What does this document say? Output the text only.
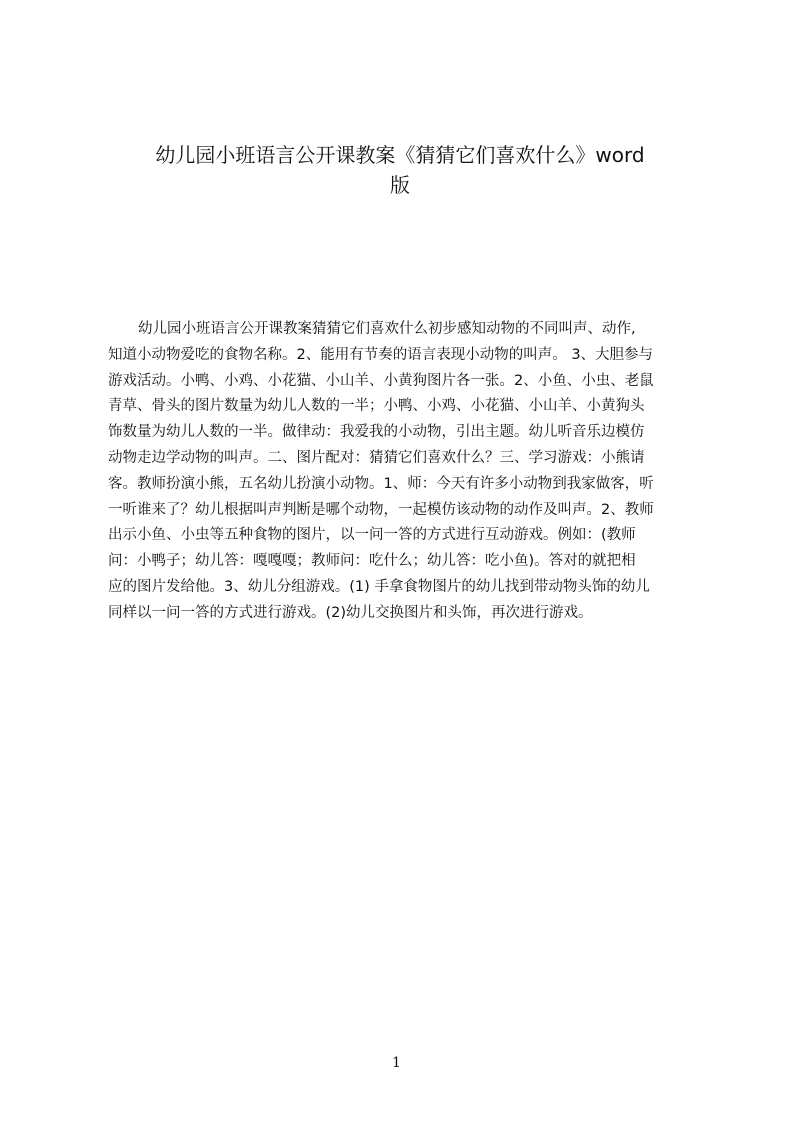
幼儿园小班语言公开课教案《猜猜它们喜欢什么》word
版
幼儿园小班语言公开课教案猜猜它们喜欢什么初步感知动物的不同叫声、动作,
知道小动物爱吃的食物名称。2、能用有节奏的语言表现小动物的叫声。 3、大胆参与
游戏活动。小鸭、小鸡、小花猫、小山羊、小黄狗图片各一张。2、小鱼、小虫、老鼠
青草、骨头的图片数量为幼儿人数的一半；小鸭、小鸡、小花猫、小山羊、小黄狗头
饰数量为幼儿人数的一半。做律动：我爱我的小动物，引出主题。幼儿听音乐边模仿
动物走边学动物的叫声。二、图片配对：猜猜它们喜欢什么？三、学习游戏：小熊请
客。教师扮演小熊，五名幼儿扮演小动物。1、师：今天有许多小动物到我家做客，听
一听谁来了？幼儿根据叫声判断是哪个动物，一起模仿该动物的动作及叫声。2、教师
出示小鱼、小虫等五种食物的图片，以一问一答的方式进行互动游戏。例如：(教师
问：小鸭子；幼儿答：嘎嘎嘎；教师问：吃什么；幼儿答：吃小鱼)。答对的就把相
应的图片发给他。3、幼儿分组游戏。(1) 手拿食物图片的幼儿找到带动物头饰的幼儿
同样以一问一答的方式进行游戏。(2)幼儿交换图片和头饰，再次进行游戏。
1
